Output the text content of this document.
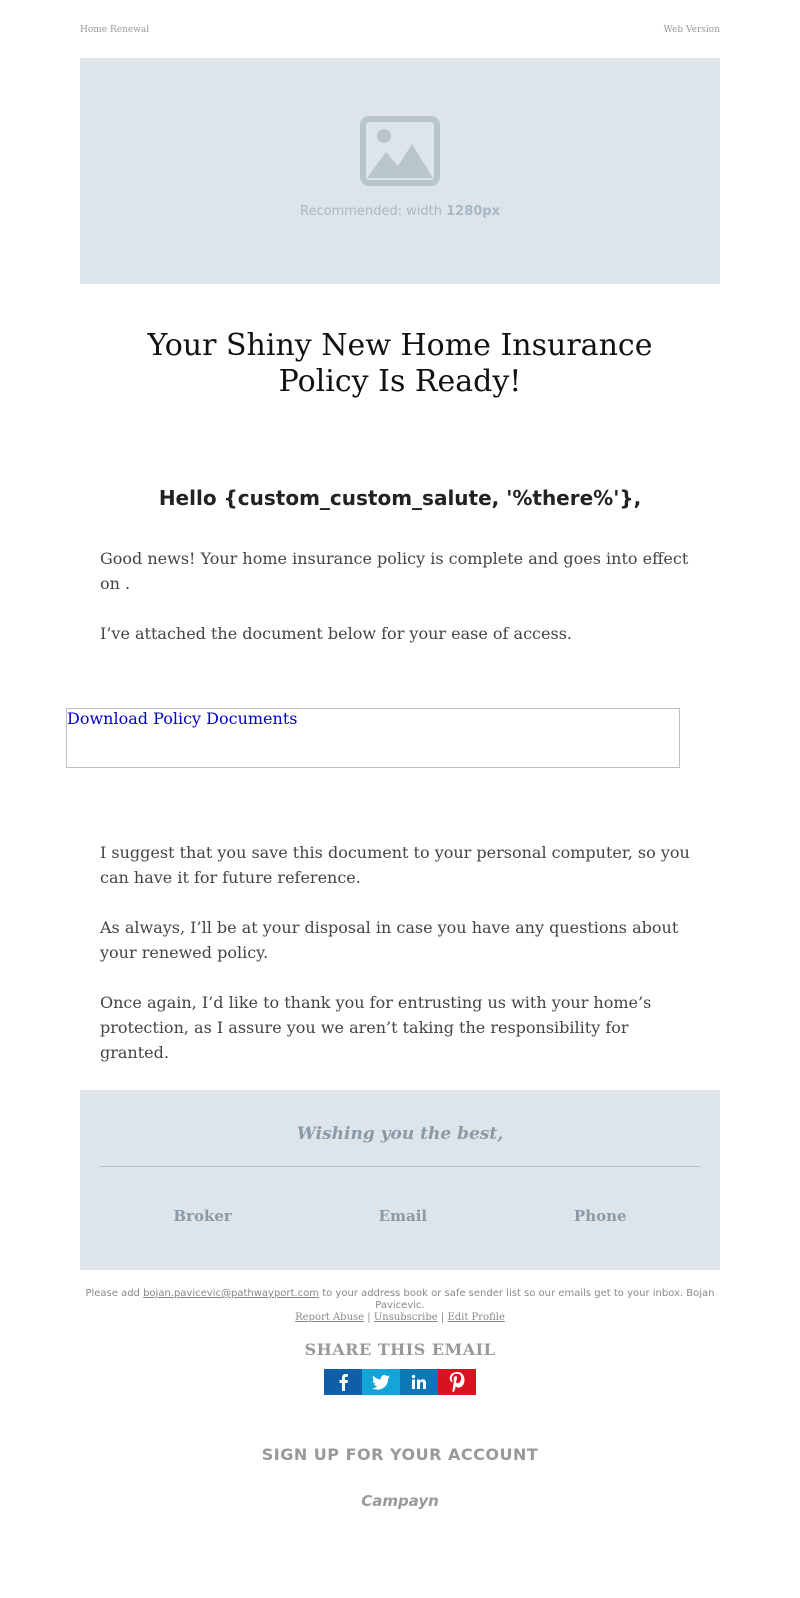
Home Renewal	Web Version
Recommended: width 1280px
Your Shiny New Home Insurance Policy Is Ready!
Hello {custom_custom_salute, '%there%'},

Good news! Your home insurance policy is complete and goes into effect on .

I’ve attached the document below for your ease of access.

Download Policy Documents

I suggest that you save this document to your personal computer, so you can have it for future reference.

As always, I’ll be at your disposal in case you have any questions about your renewed policy.

Once again, I’d like to thank you for entrusting us with your home’s protection, as I assure you we aren’t taking the responsibility for granted.

Wishing you the best,

Broker	Email	Phone
Please add bojan.pavicevic@pathwayport.com to your address book or safe sender list so our emails get to your inbox. Bojan Pavicevic.
Report Abuse | Unsubscribe | Edit Profile
SHARE THIS EMAIL
SIGN UP FOR YOUR ACCOUNT
Campayn
